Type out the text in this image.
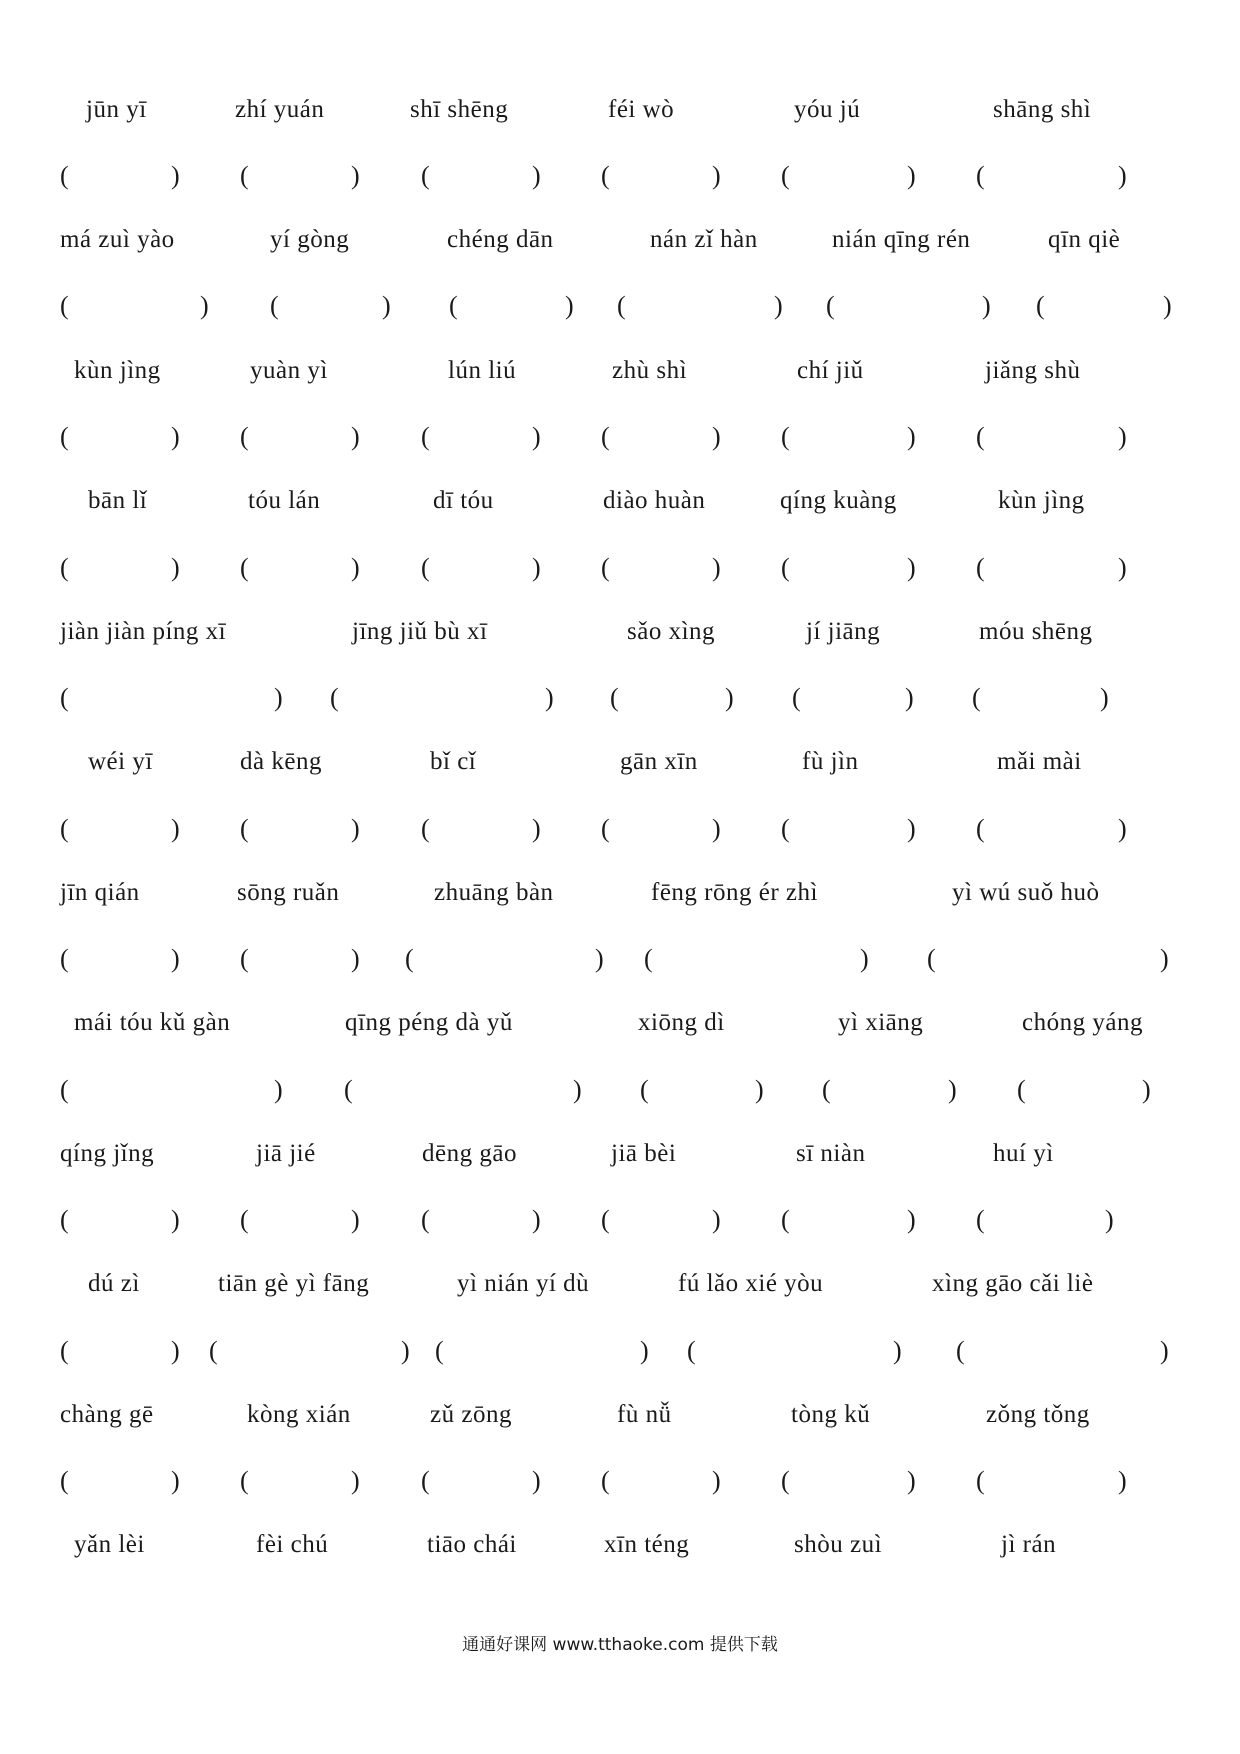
jūn yī	zhí yuán	shī shēng	féi wò	yóu jú	shāng shì
(	) (	) (	) (	) (	) (	)
má zuì yào	yí gòng	chéng dān	nán zǐ hàn	nián qīng rén	qīn qiè
(	) (	) (	) (	) (	) (	)
kùn jìng	yuàn yì	lún liú	zhù shì	chí jiǔ	jiǎng shù
(	) (	) (	) (	) (	) (	)
bān lǐ	tóu lán	dī tóu	diào huàn	qíng kuàng	kùn jìng
(	) (	) (	) (	) (	) (	)
jiàn jiàn píng xī	jīng jiǔ bù xī	sǎo xìng	jí jiāng	móu shēng
(	) (	) (	) (	) (	)
wéi yī	dà kēng	bǐ cǐ	gān xīn	fù jìn	mǎi mài
(	) (	) (	) (	) (	) (	)
jīn qián	sōng ruǎn	zhuāng bàn	fēng rōng ér zhì	yì wú suǒ huò
(	) (	) (	) (	) (	)
mái tóu kǔ gàn	qīng péng dà yǔ	xiōng dì	yì xiāng	chóng yáng
(	) (	) (	) (	) (	)
qíng jǐng	jiā jié	dēng gāo	jiā bèi	sī niàn	huí yì
(	) (	) (	) (	) (	) (	)
dú zì	tiān gè yì fāng	yì nián yí dù	fú lǎo xié yòu	xìng gāo cǎi liè
(	) (	) (	) (	) (	)
chàng gē	kòng xián	zǔ zōng	fù nǚ	tòng kǔ	zǒng tǒng
(	) (	) (	) (	) (	) (	)
yǎn lèi	fèi chú	tiāo chái	xīn téng	shòu zuì	jì rán
通通好课网 www.tthaoke.com 提供下载
